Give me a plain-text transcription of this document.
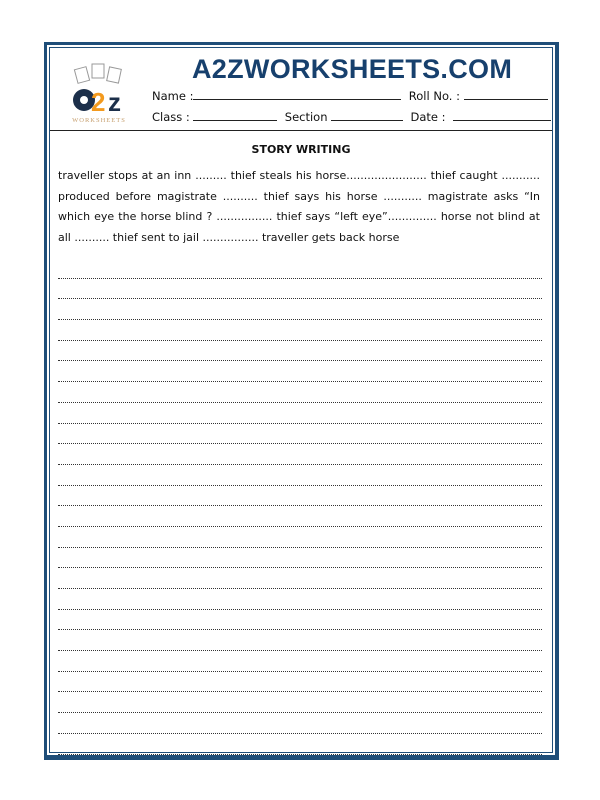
2 z
WORKSHEETS
A2ZWORKSHEETS.COM
Name :	Roll No. :
Class :	Section	Date :
STORY WRITING
traveller stops at an inn ......... thief steals his horse....................... thief caught ........... produced before magistrate .......... thief says his horse ........... magistrate asks “In which eye the horse blind ? ................ thief says “left eye”.............. horse not blind at all .......... thief sent to jail ................ traveller gets back horse
